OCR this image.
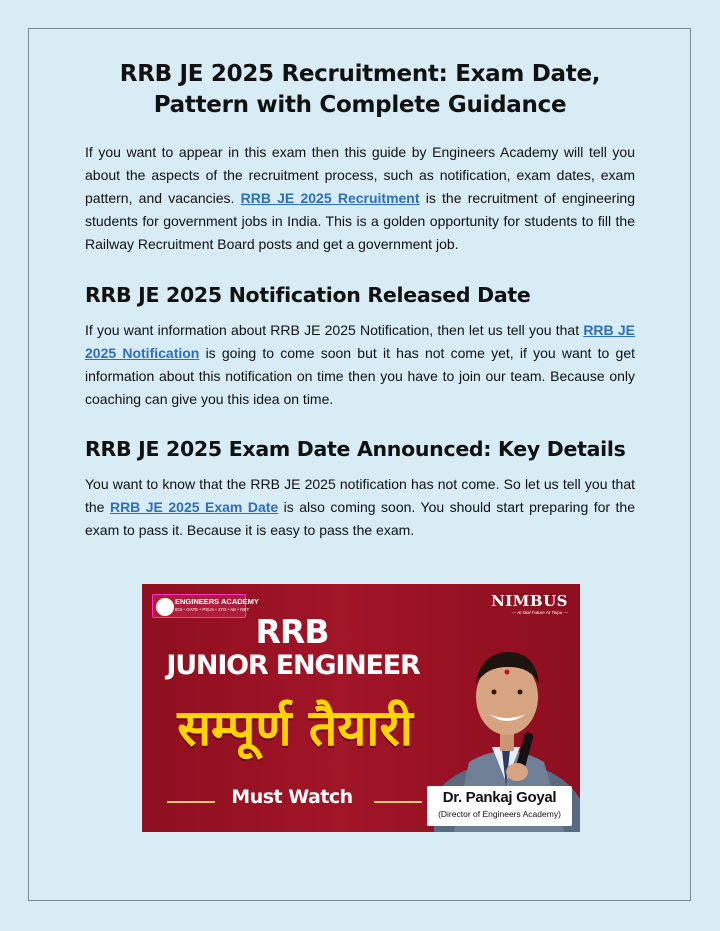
RRB JE 2025 Recruitment: Exam Date, Pattern with Complete Guidance

If you want to appear in this exam then this guide by Engineers Academy will tell you about the aspects of the recruitment process, such as notification, exam dates, exam pattern, and vacancies. RRB JE 2025 Recruitment is the recruitment of engineering students for government jobs in India. This is a golden opportunity for students to fill the Railway Recruitment Board posts and get a government job.

RRB JE 2025 Notification Released Date

If you want information about RRB JE 2025 Notification, then let us tell you that RRB JE 2025 Notification is going to come soon but it has not come yet, if you want to get information about this notification on time then you have to join our team. Because only coaching can give you this idea on time.

RRB JE 2025 Exam Date Announced: Key Details

You want to know that the RRB JE 2025 notification has not come. So let us tell you that the RRB JE 2025 Exam Date is also coming soon. You should start preparing for the exam to pass it. Because it is easy to pass the exam.

ENGINEERS ACADEMY
IES • GATE • PSUs • JTO • AE • NET	NIMBUS
— At Dial Future At Teipu —
RRB
JUNIOR ENGINEER
सम्पूर्ण तैयारी
Must Watch	Dr. Pankaj Goyal
(Director of Engineers Academy)
